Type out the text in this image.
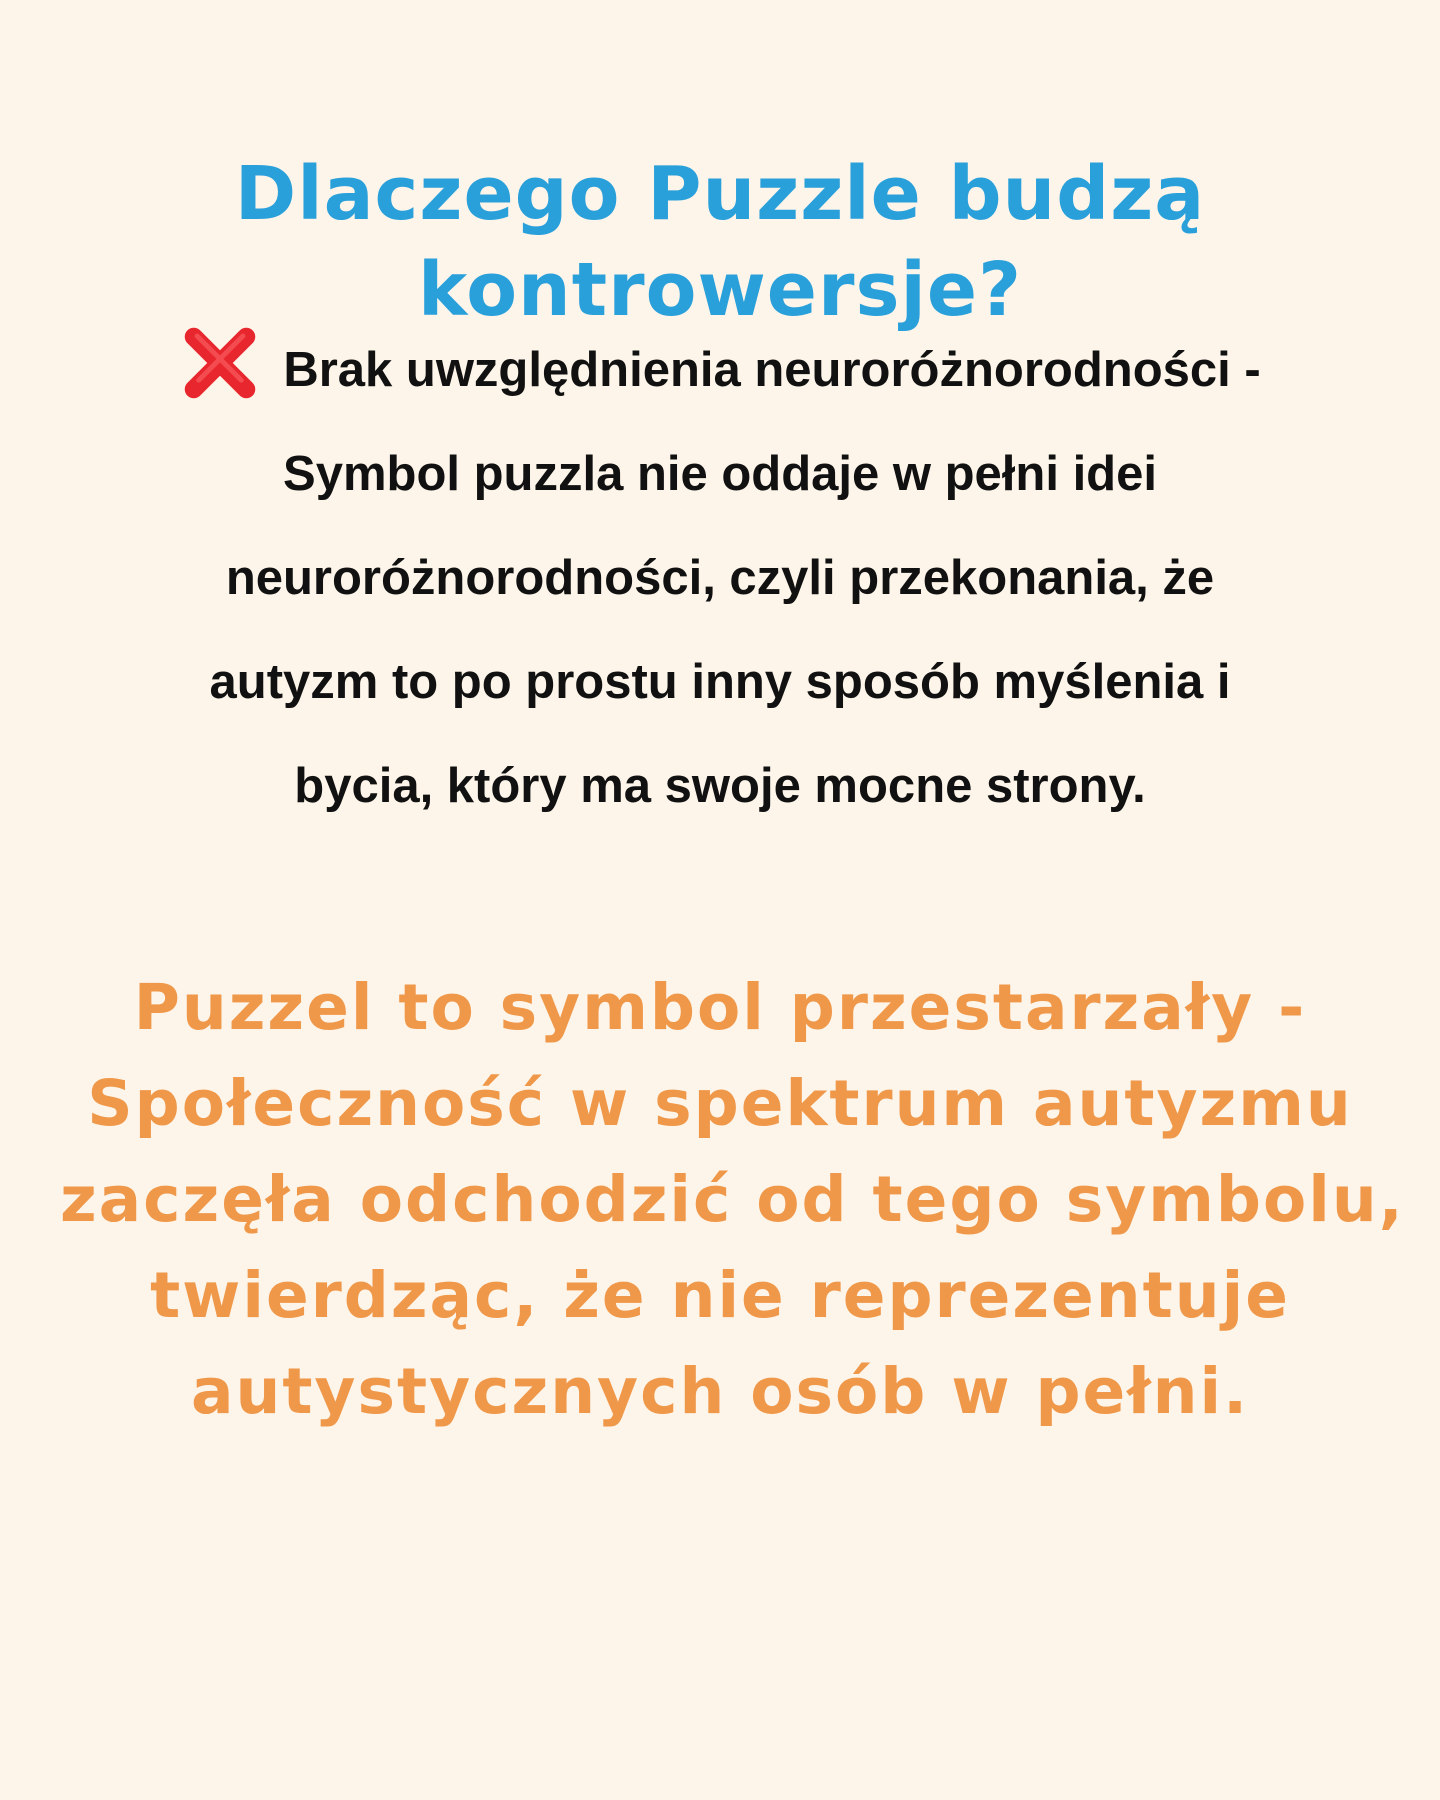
Dlaczego Puzzle budzą
kontrowersje?
Brak uwzględnienia neuroróżnorodności -
Symbol puzzla nie oddaje w pełni idei
neuroróżnorodności, czyli przekonania, że
autyzm to po prostu inny sposób myślenia i
bycia, który ma swoje mocne strony.
Puzzel to symbol przestarzały -
Społeczność w spektrum autyzmu
zaczęła odchodzić od tego symbolu,
twierdząc, że nie reprezentuje
autystycznych osób w pełni.
